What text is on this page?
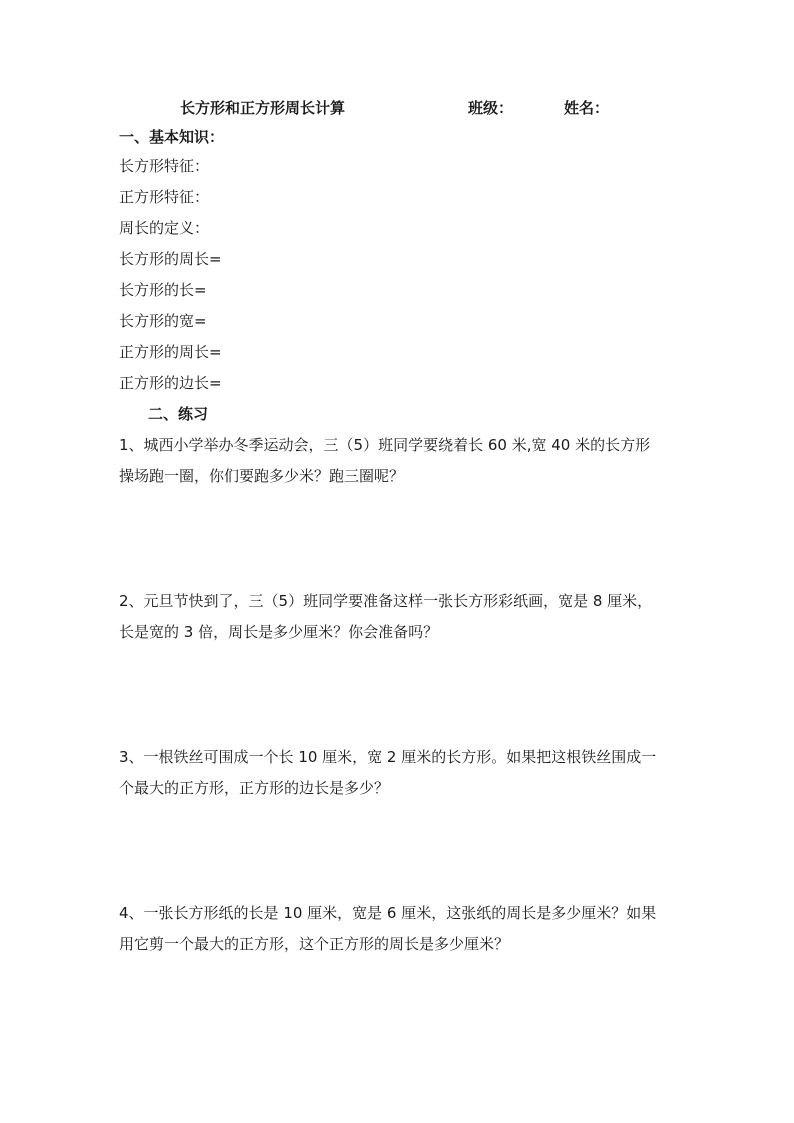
长方形和正方形周长计算	班级：	姓名：
一、基本知识：
长方形特征：
正方形特征：
周长的定义：
长方形的周长=
长方形的长=
长方形的宽=
正方形的周长=
正方形的边长=
二、练习
1、城西小学举办冬季运动会，三（5）班同学要绕着长 60 米,宽 40 米的长方形
操场跑一圈，你们要跑多少米？跑三圈呢？
2、元旦节快到了，三（5）班同学要准备这样一张长方形彩纸画，宽是 8 厘米，
长是宽的 3 倍，周长是多少厘米？你会准备吗？
3、一根铁丝可围成一个长 10 厘米，宽 2 厘米的长方形。如果把这根铁丝围成一
个最大的正方形，正方形的边长是多少？
4、一张长方形纸的长是 10 厘米，宽是 6 厘米，这张纸的周长是多少厘米？如果
用它剪一个最大的正方形，这个正方形的周长是多少厘米？
